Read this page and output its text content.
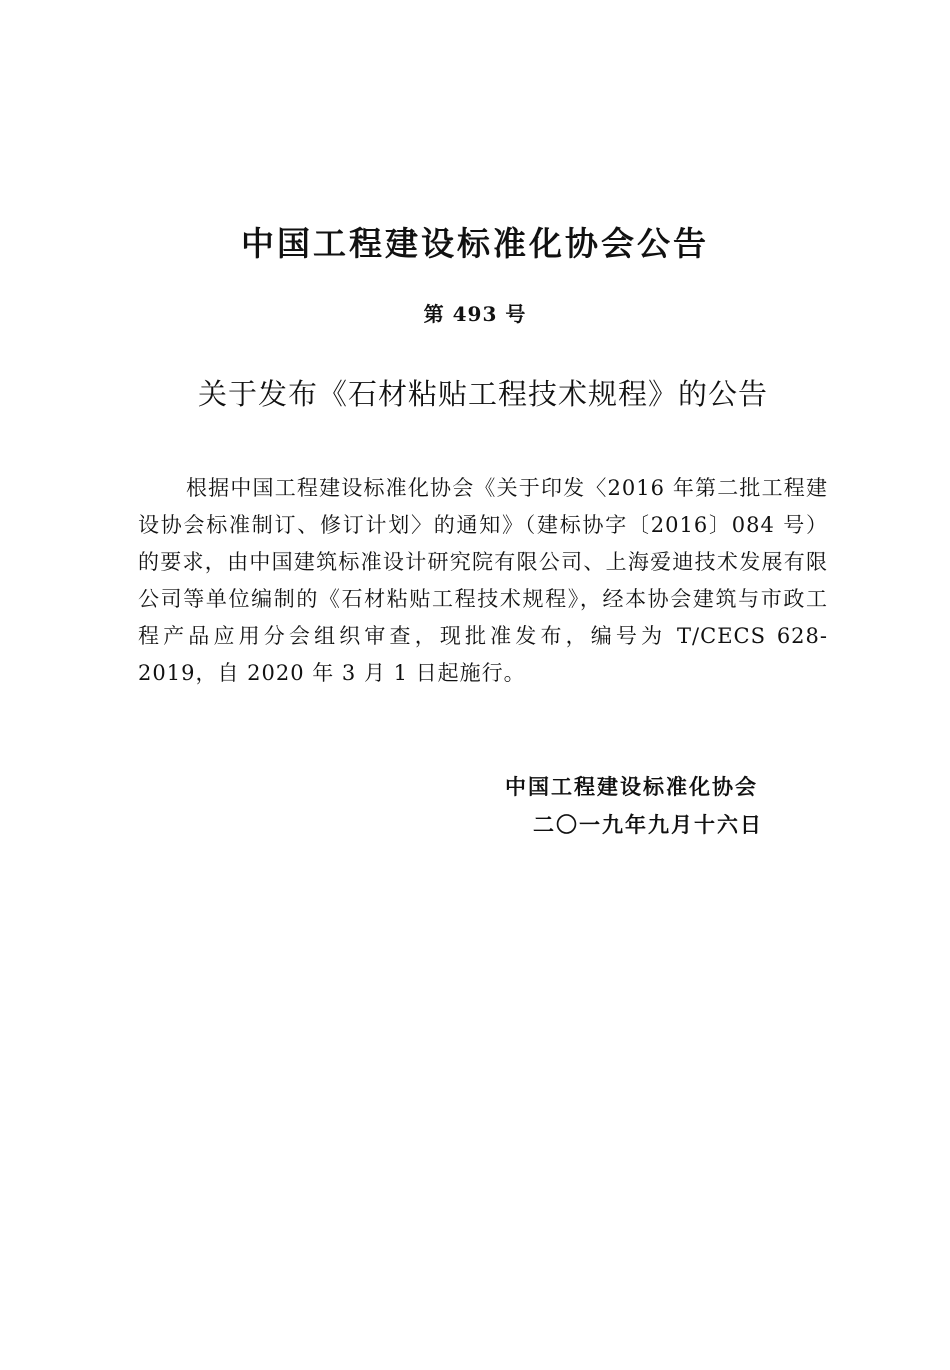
中国工程建设标准化协会公告
第 493 号
关于发布《石材粘贴工程技术规程》的公告

根据中国工程建设标准化协会《关于印发〈2016 年第二批工程建设协会标准制订、修订计划〉的通知》（建标协字〔2016〕084 号）的要求，由中国建筑标准设计研究院有限公司、上海爱迪技术发展有限公司等单位编制的《石材粘贴工程技术规程》，经本协会建筑与市政工程产品应用分会组织审查，现批准发布，编号为 T/CECS 628-2019，自 2020 年 3 月 1 日起施行。

中国工程建设标准化协会
二〇一九年九月十六日
